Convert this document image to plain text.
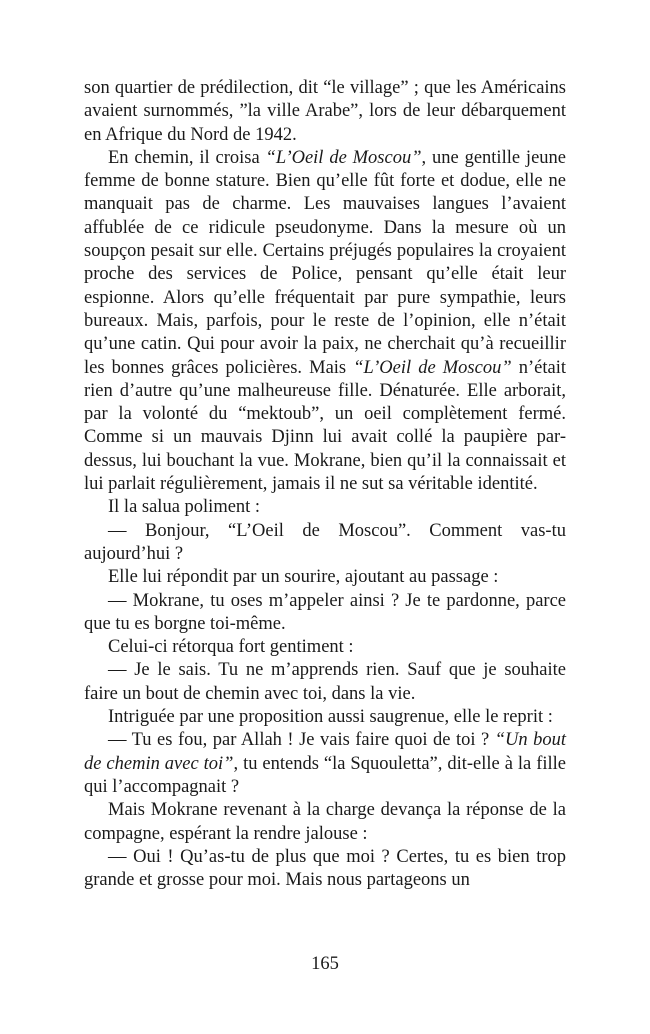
son quartier de prédilection, dit “le village” ; que les Américains avaient surnommés, ”la ville Arabe”, lors de leur débarquement en Afrique du Nord de 1942.

En chemin, il croisa “L’Oeil de Moscou”, une gentille jeune femme de bonne stature. Bien qu’elle fût forte et dodue, elle ne manquait pas de charme. Les mauvaises langues l’avaient affublée de ce ridicule pseudonyme. Dans la mesure où un soupçon pesait sur elle. Certains préjugés populaires la croyaient proche des services de Police, pensant qu’elle était leur espionne. Alors qu’elle fréquentait par pure sympathie, leurs bureaux. Mais, parfois, pour le reste de l’opinion, elle n’était qu’une catin. Qui pour avoir la paix, ne cherchait qu’à recueillir les bonnes grâces policières. Mais “L’Oeil de Moscou” n’était rien d’autre qu’une malheureuse fille. Dénaturée. Elle arborait, par la volonté du “mektoub”, un oeil complètement fermé. Comme si un mauvais Djinn lui avait collé la paupière par-dessus, lui bouchant la vue. Mokrane, bien qu’il la connaissait et lui parlait régulièrement, jamais il ne sut sa véritable identité.

Il la salua poliment :

— Bonjour, “L’Oeil de Moscou”. Comment vas-tu aujourd’hui ?

Elle lui répondit par un sourire, ajoutant au passage :

— Mokrane, tu oses m’appeler ainsi ? Je te pardonne, parce que tu es borgne toi-même.

Celui-ci rétorqua fort gentiment :

— Je le sais. Tu ne m’apprends rien. Sauf que je souhaite faire un bout de chemin avec toi, dans la vie.

Intriguée par une proposition aussi saugrenue, elle le reprit :

— Tu es fou, par Allah ! Je vais faire quoi de toi ? “Un bout de chemin avec toi”, tu entends “la Squouletta”, dit-elle à la fille qui l’accompagnait ?

Mais Mokrane revenant à la charge devança la réponse de la compagne, espérant la rendre jalouse :

— Oui ! Qu’as-tu de plus que moi ? Certes, tu es bien trop grande et grosse pour moi. Mais nous partageons un

165
